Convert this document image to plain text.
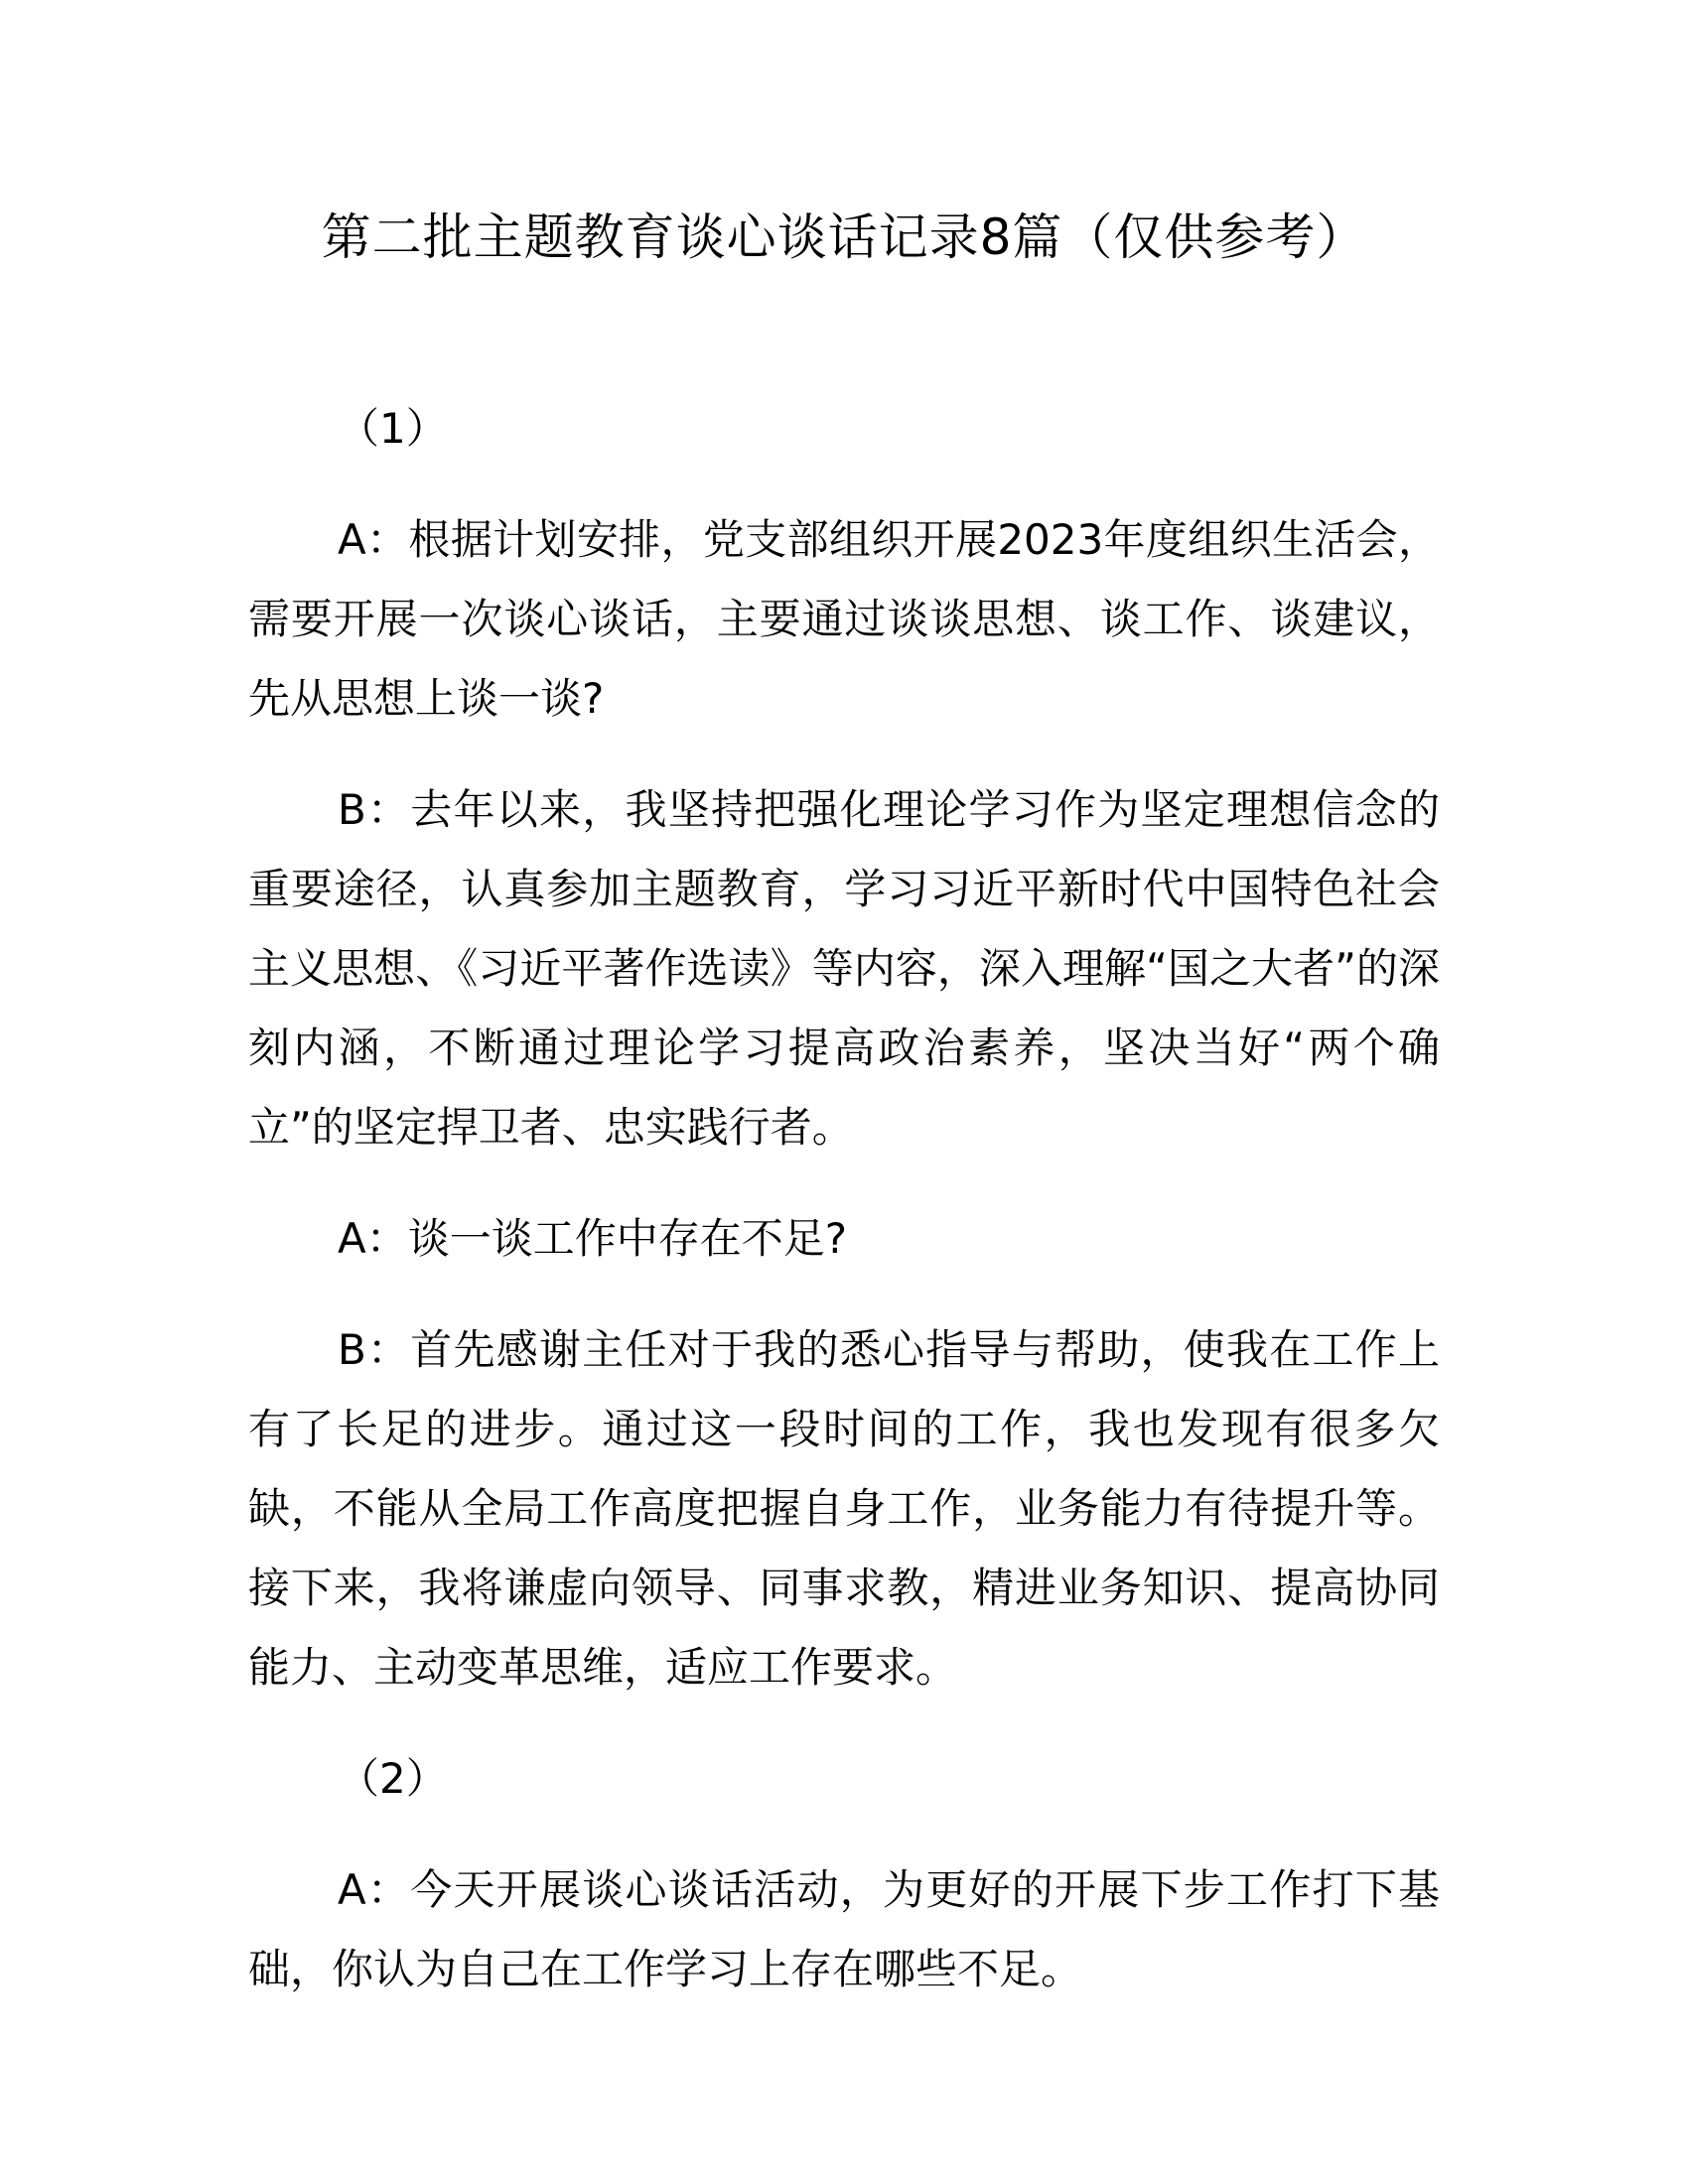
第二批主题教育谈心谈话记录8篇（仅供参考）

（1）

A：根据计划安排，党支部组织开展2023年度组织生活会，需要开展一次谈心谈话，主要通过谈谈思想、谈工作、谈建议，先从思想上谈一谈?

B：去年以来，我坚持把强化理论学习作为坚定理想信念的重要途径，认真参加主题教育，学习习近平新时代中国特色社会主义思想、《习近平著作选读》等内容，深入理解“国之大者”的深刻内涵，不断通过理论学习提高政治素养，坚决当好“两个确立”的坚定捍卫者、忠实践行者。

A：谈一谈工作中存在不足?

B：首先感谢主任对于我的悉心指导与帮助，使我在工作上有了长足的进步。通过这一段时间的工作，我也发现有很多欠缺，不能从全局工作高度把握自身工作，业务能力有待提升等。接下来，我将谦虚向领导、同事求教，精进业务知识、提高协同能力、主动变革思维，适应工作要求。

（2）

A：今天开展谈心谈话活动，为更好的开展下步工作打下基础，你认为自己在工作学习上存在哪些不足。
